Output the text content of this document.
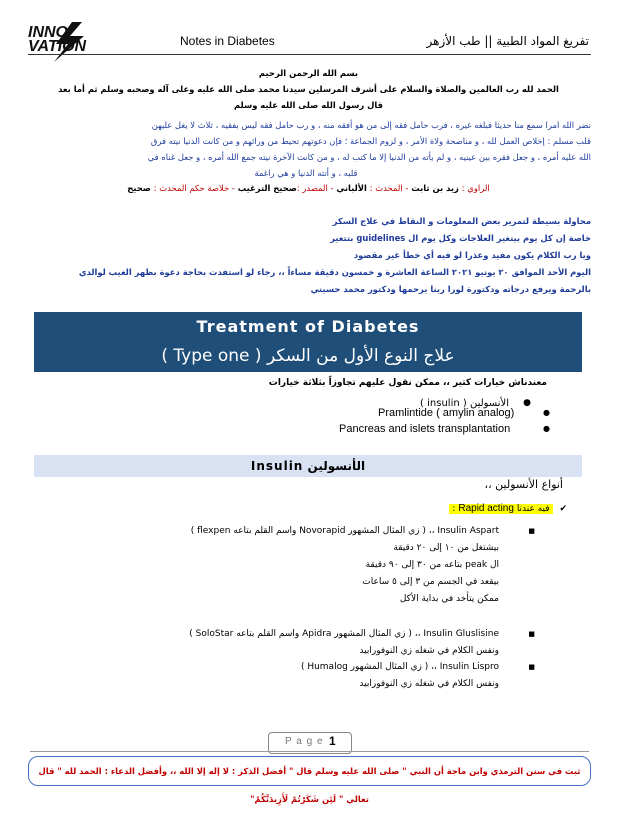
INNO
VATION	Notes in Diabetes	تفريغ المواد الطبية || طب الأزهر
بسم الله الرحمن الرحيم
الحمد لله رب العالمين والصلاة والسلام على أشرف المرسلين سيدنا محمد صلى الله عليه وعلى آله وصحبه وسلم ثم أما بعد
قال رسول الله صلى الله عليه وسلم
نضر الله امرا سمع منا حديثا فبلغه غيره ، فرب حامل فقه إلى من هو أفقه منه ، و رب حامل فقه ليس بفقيه ، ثلاث لا يغل عليهن
قلب مسلم : إخلاص العمل لله ، و مناصحة ولاة الأمر ، و لزوم الجماعة ؛ فإن دعوتهم تحيط من ورائهم و من كانت الدنيا نيته فرق
الله عليه أمره ، و جعل فقره بين عينيه ، و لم يأته من الدنيا إلا ما كتب له ، و من كانت الآخرة نيته جمع الله أمره ، و جعل غناه في
قلبه ، و أتته الدنيا و هي راغمة
الراوي : زيد بن ثابت - المحدث : الألباني - المصدر :صحيح الترغيب - خلاصة حكم المحدث : صحيح
محاولة بسيطة لتمرير بعض المعلومات و النقاط في علاج السكر
خاصة إن كل يوم بيتغير العلاجات وكل يوم ال guidelines بتتغير
ويا رب الكلام يكون مفيد وعذرا لو فيه أي خطأ غير مقصود
اليوم الأحد الموافق ٢٠ يونيو ٢٠٢١ الساعة العاشرة و خمسون دقيقة مساءاً ،، رجاء لو استفدت بحاجة دعوة بظهر الغيب لوالدي
بالرحمة ويرفع درجاته ودكتورة لورا ربنا يرحمها ودكتور محمد حسيني
Treatment of Diabetes
علاج النوع الأول من السكر ( Type one )
معندناش خيارات كتير ،، ممكن نقول عليهم تجاوزاً بثلاثة خيارات
●
الأنسولين ( insulin )
Pramlintide ( amylin analog)	●
Pancreas and islets transplantation	●
الأنسولين Insulin
أنواع الأنسولين ،،
✔ فيه عندنا Rapid acting :
■
Insulin Aspart ،، ( زي المثال المشهور Novorapid واسم القلم بتاعه flexpen )
بيشتغل من ١٠ إلى ٢٠ دقيقة
ال peak بتاعه من ٣٠ إلى ٩٠ دقيقة
بيقعد في الجسم من ٣ إلى ٥ ساعات
ممكن يتأخد في بداية الأكل
■
Insulin Gluslisine ،، ( زي المثال المشهور Apidra واسم القلم بتاعه SoloStar )
ونفس الكلام في شغله زي النوفورابيد
■
Insulin Lispro ،، ( زي المثال المشهور Humalog )
ونفس الكلام في شغله زي النوفورابيد
P a g e 1
ثبت في سنن الترمذي وابن ماجة أن النبي " صلى الله عليه وسلم قال " أفضل الذكر : لا إله إلا الله ،، وأفضل الدعاء : الحمد لله " قال تعالي " لَئِن شَكَرْتُمْ لَأَزِيدَنَّكُمْ"
